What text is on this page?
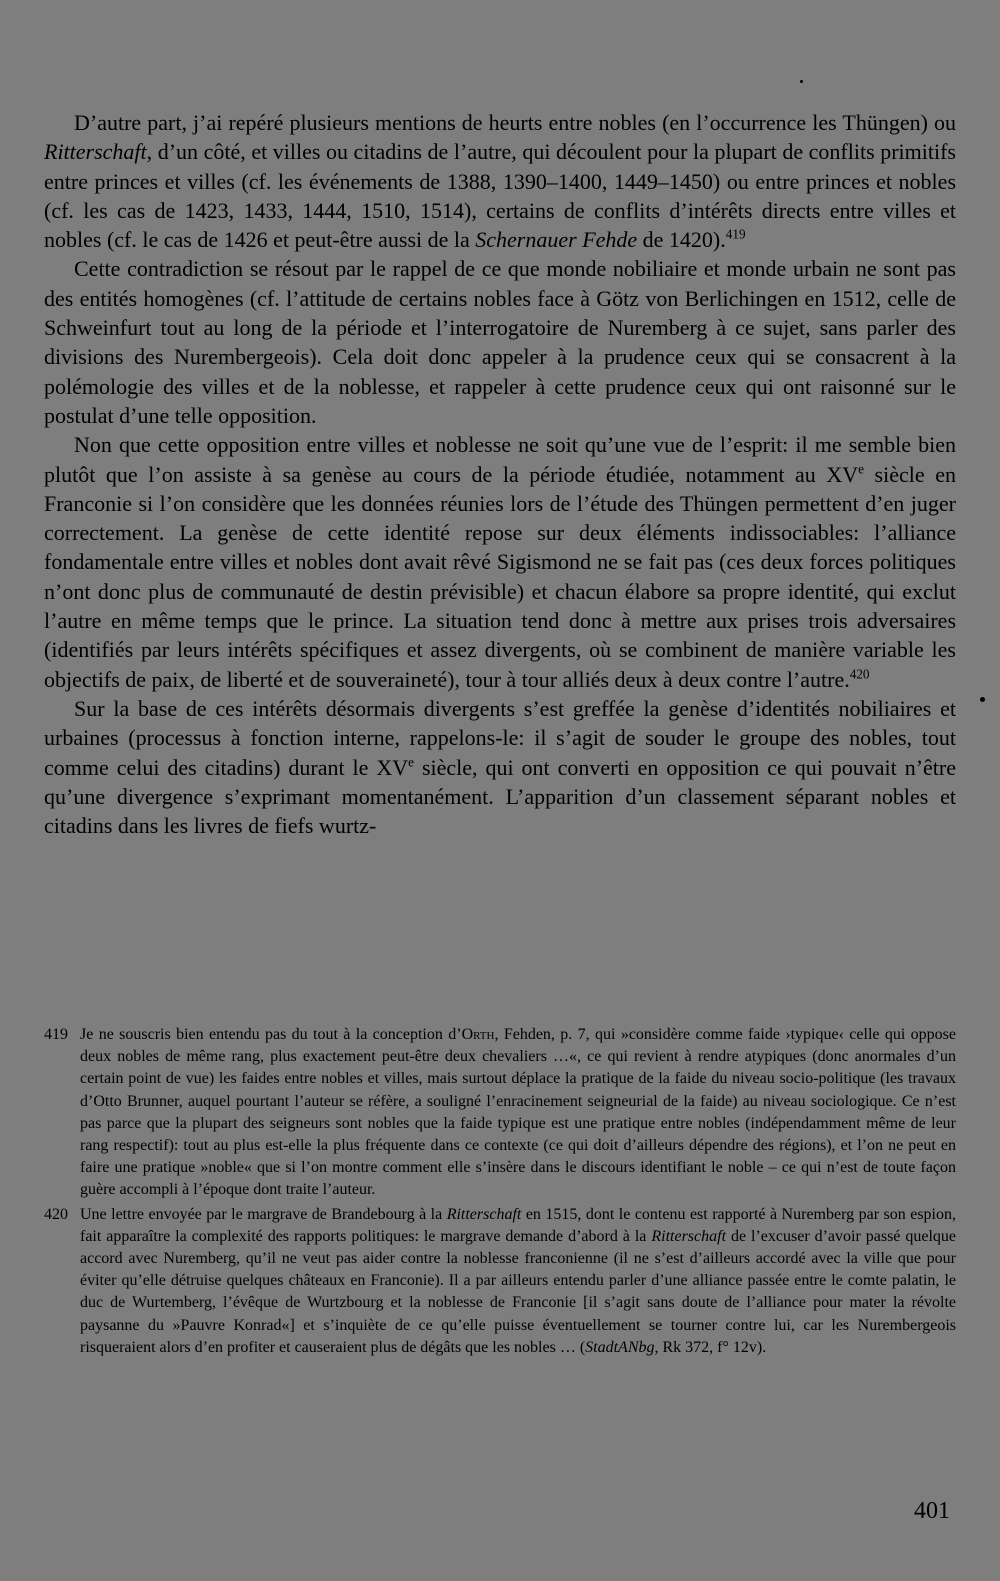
D’autre part, j’ai repéré plusieurs mentions de heurts entre nobles (en l’occurrence les Thüngen) ou Ritterschaft, d’un côté, et villes ou citadins de l’autre, qui découlent pour la plupart de conflits primitifs entre princes et villes (cf. les événements de 1388, 1390–1400, 1449–1450) ou entre princes et nobles (cf. les cas de 1423, 1433, 1444, 1510, 1514), certains de conflits d’intérêts directs entre villes et nobles (cf. le cas de 1426 et peut-être aussi de la Schernauer Fehde de 1420).$^{419}$

Cette contradiction se résout par le rappel de ce que monde nobiliaire et monde urbain ne sont pas des entités homogènes (cf. l’attitude de certains nobles face à Götz von Berlichingen en 1512, celle de Schweinfurt tout au long de la période et l’interrogatoire de Nuremberg à ce sujet, sans parler des divisions des Nurembergeois). Cela doit donc appeler à la prudence ceux qui se consacrent à la polémologie des villes et de la noblesse, et rappeler à cette prudence ceux qui ont raisonné sur le postulat d’une telle opposition.

Non que cette opposition entre villes et noblesse ne soit qu’une vue de l’esprit: il me semble bien plutôt que l’on assiste à sa genèse au cours de la période étudiée, notamment au XVe siècle en Franconie si l’on considère que les données réunies lors de l’étude des Thüngen permettent d’en juger correctement. La genèse de cette identité repose sur deux éléments indissociables: l’alliance fondamentale entre villes et nobles dont avait rêvé Sigismond ne se fait pas (ces deux forces politiques n’ont donc plus de communauté de destin prévisible) et chacun élabore sa propre identité, qui exclut l’autre en même temps que le prince. La situation tend donc à mettre aux prises trois adversaires (identifiés par leurs intérêts spécifiques et assez divergents, où se combinent de manière variable les objectifs de paix, de liberté et de souveraineté), tour à tour alliés deux à deux contre l’autre.$^{420}$

Sur la base de ces intérêts désormais divergents s’est greffée la genèse d’identités nobiliaires et urbaines (processus à fonction interne, rappelons-le: il s’agit de souder le groupe des nobles, tout comme celui des citadins) durant le XVe siècle, qui ont converti en opposition ce qui pouvait n’être qu’une divergence s’exprimant momentanément. L’apparition d’un classement séparant nobles et citadins dans les livres de fiefs wurtz-

419 Je ne souscris bien entendu pas du tout à la conception d’Orth, Fehden, p. 7, qui »considère comme faide ›typique‹ celle qui oppose deux nobles de même rang, plus exactement peut-être deux chevaliers …«, ce qui revient à rendre atypiques (donc anormales d’un certain point de vue) les faides entre nobles et villes, mais surtout déplace la pratique de la faide du niveau socio-politique (les travaux d’Otto Brunner, auquel pourtant l’auteur se réfère, a souligné l’enracinement seigneurial de la faide) au niveau sociologique. Ce n’est pas parce que la plupart des seigneurs sont nobles que la faide typique est une pratique entre nobles (indépendamment même de leur rang respectif): tout au plus est-elle la plus fréquente dans ce contexte (ce qui doit d’ailleurs dépendre des régions), et l’on ne peut en faire une pratique »noble« que si l’on montre comment elle s’insère dans le discours identifiant le noble – ce qui n’est de toute façon guère accompli à l’époque dont traite l’auteur.
420 Une lettre envoyée par le margrave de Brandebourg à la Ritterschaft en 1515, dont le contenu est rapporté à Nuremberg par son espion, fait apparaître la complexité des rapports politiques: le margrave demande d’abord à la Ritterschaft de l’excuser d’avoir passé quelque accord avec Nuremberg, qu’il ne veut pas aider contre la noblesse franconienne (il ne s’est d’ailleurs accordé avec la ville que pour éviter qu’elle détruise quelques châteaux en Franconie). Il a par ailleurs entendu parler d’une alliance passée entre le comte palatin, le duc de Wurtemberg, l’évêque de Wurtzbourg et la noblesse de Franconie [il s’agit sans doute de l’alliance pour mater la révolte paysanne du »Pauvre Konrad«] et s’inquiète de ce qu’elle puisse éventuellement se tourner contre lui, car les Nurembergeois risqueraient alors d’en profiter et causeraient plus de dégâts que les nobles … (StadtANbg, Rk 372, f° 12v).
401
